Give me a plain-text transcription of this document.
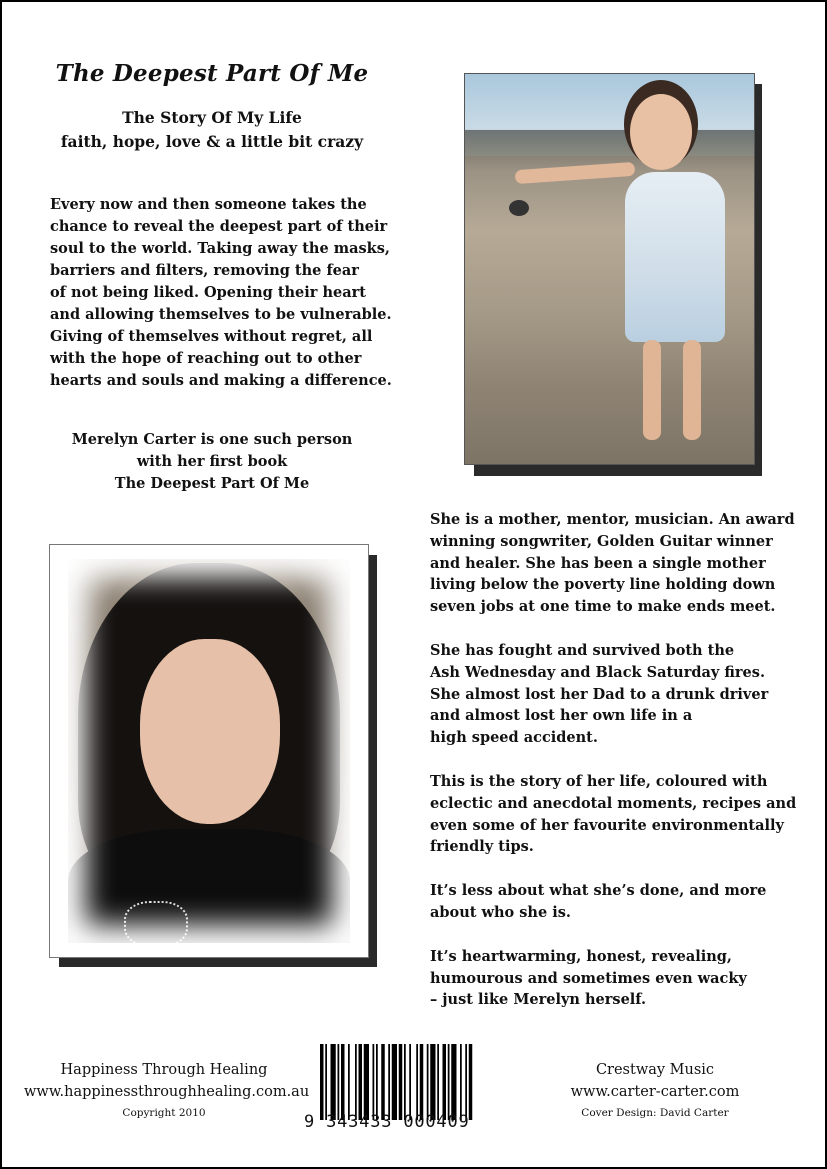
The Deepest Part Of Me
The Story Of My Life
faith, hope, love & a little bit crazy
Every now and then someone takes the
chance to reveal the deepest part of their
soul to the world. Taking away the masks,
barriers and filters, removing the fear
of not being liked. Opening their heart
and allowing themselves to be vulnerable.
Giving of themselves without regret, all
with the hope of reaching out to other
hearts and souls and making a difference.
Merelyn Carter is one such person
with her first book
The Deepest Part Of Me

She is a mother, mentor, musician. An award
winning songwriter, Golden Guitar winner
and healer. She has been a single mother
living below the poverty line holding down
seven jobs at one time to make ends meet.

She has fought and survived both the
Ash Wednesday and Black Saturday fires.
She almost lost her Dad to a drunk driver
and almost lost her own life in a
high speed accident.

This is the story of her life, coloured with
eclectic and anecdotal moments, recipes and
even some of her favourite environmentally
friendly tips.

It’s less about what she’s done, and more
about who she is.

It’s heartwarming, honest, revealing,
humourous and sometimes even wacky
– just like Merelyn herself.

Happiness Through Healing
www.happinessthroughhealing.com.au
Copyright 2010	9 343433 000409
Crestway Music
www.carter-carter.com
Cover Design: David Carter
